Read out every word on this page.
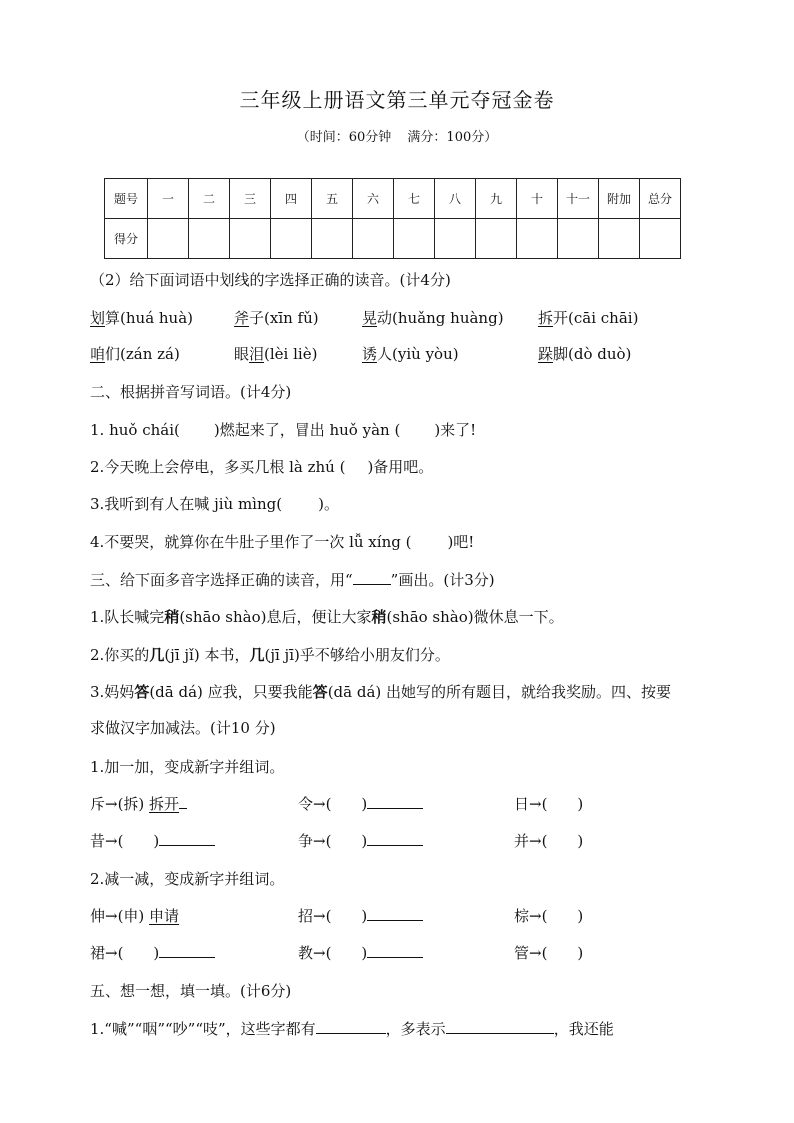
三年级上册语文第三单元夺冠金卷
（时间：60分钟 满分：100分）
题号	一	二	三	四	五	六	七	八	九	十	十一	附加	总分
得分													
（2）给下面词语中划线的字选择正确的读音。(计4分)
划算(huá huà)	斧子(xīn fǔ)	晃动(huǎng huàng) 拆开(cāi chāi)
咱们(zán zá)	眼泪(lèi liè)	诱人(yiù yòu)	跺脚(dò duò)
二、根据拼音写词语。(计4分)
1. huǒ chái( )燃起来了，冒出 huǒ yàn ( )来了!
2.今天晚上会停电，多买几根 là zhú ( )备用吧。
3.我听到有人在喊 jiù mìng( )。
4.不要哭，就算你在牛肚子里作了一次 lǚ xíng ( )吧!
三、给下面多音字选择正确的读音，用“	”画出。(计3分)
1.队长喊完稍(shāo shào)息后，便让大家稍(shāo shào)微休息一下。
2.你买的几(jī jǐ) 本书，几(jī jī)乎不够给小朋友们分。
3.妈妈答(dā dá) 应我，只要我能答(dā dá) 出她写的所有题目，就给我奖励。四、按要
求做汉字加减法。(计10 分)
1.加一加，变成新字并组词。
斥→(拆) 拆开	令→(　　)	日→(　　)
昔→(　　)	争→(　　)	并→(　　)
2.减一减，变成新字并组词。
伸→(申) 申请	招→(　　)	棕→(　　)
裙→(　　)	教→(　　)	管→(　　)
五、想一想，填一填。(计6分)
1.“喊”“咽”“吵”“吱”，这些字都有	，多表示	，我还能
